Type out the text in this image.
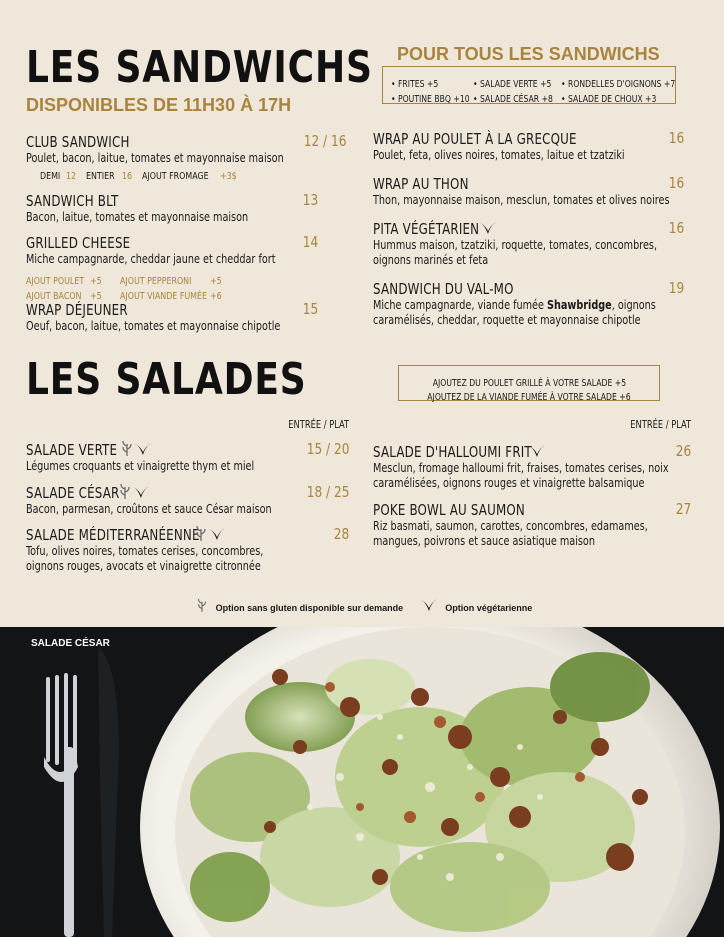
LES SANDWICHS
DISPONIBLES DE 11H30 À 17H
POUR TOUS LES SANDWICHS
• FRITES +5	• SALADE VERTE +5	• RONDELLES D'OIGNONS +7
• POUTINE BBQ +10 • SALADE CÉSAR +8 • SALADE DE CHOUX +3
CLUB SANDWICH	12 / 16
Poulet, bacon, laitue, tomates et mayonnaise maison
DEMI 12 ENTIER 16 AJOUT FROMAGE +3$
SANDWICH BLT	13
Bacon, laitue, tomates et mayonnaise maison
GRILLED CHEESE	14
Miche campagnarde, cheddar jaune et cheddar fort
AJOUT POULET +5 AJOUT PEPPERONI	+5
AJOUT BACON +5 AJOUT VIANDE FUMÉE +6
WRAP DÉJEUNER	15
Oeuf, bacon, laitue, tomates et mayonnaise chipotle
WRAP AU POULET À LA GRECQUE	16
Poulet, feta, olives noires, tomates, laitue et tzatziki
WRAP AU THON	16
Thon, mayonnaise maison, mesclun, tomates et olives noires
PITA VÉGÉTARIEN	16
Hummus maison, tzatziki, roquette, tomates, concombres, oignons marinés et feta
SANDWICH DU VAL-MO	19
Miche campagnarde, viande fumée Shawbridge, oignons caramélisés, cheddar, roquette et mayonnaise chipotle
LES SALADES	AJOUTEZ DU POULET GRILLÉ À VOTRE SALADE +5
AJOUTEZ DE LA VIANDE FUMÉE À VOTRE SALADE +6
ENTRÉE / PLAT	ENTRÉE / PLAT
SALADE VERTE	15 / 20
Légumes croquants et vinaigrette thym et miel
SALADE CÉSAR	18 / 25
Bacon, parmesan, croûtons et sauce César maison
SALADE MÉDITERRANÉENNE	28
Tofu, olives noires, tomates cerises, concombres, oignons rouges, avocats et vinaigrette citronnée
SALADE D'HALLOUMI FRIT	26
Mesclun, fromage halloumi frit, fraises, tomates cerises, noix caramélisées, oignons rouges et vinaigrette balsamique
POKE BOWL AU SAUMON	27
Riz basmati, saumon, carottes, concombres, edamames, mangues, poivrons et sauce asiatique maison
Option sans gluten disponible sur demande	Option végétarienne
SALADE CÉSAR
